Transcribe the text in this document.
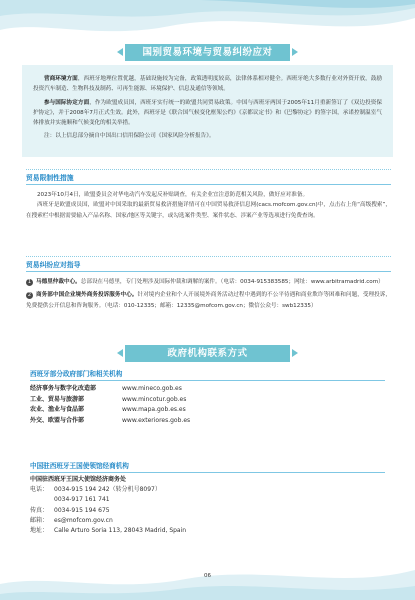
国别贸易环境与贸易纠纷应对

营商环境方面，西班牙地理位置优越，基础设施较为完备，政策透明度较高，法律体系相对健全。西班牙绝大多数行业对外资开放，鼓励投资汽车制造、生物科技及制药、可再生能源、环境保护、信息及通信等领域。

参与国际协定方面，作为欧盟成员国，西班牙实行统一的欧盟共同贸易政策。中国与西班牙两国于2005年11月重新签订了《双边投资保护协定》，并于2008年7月正式生效。此外，西班牙是《联合国气候变化框架公约》《京都议定书》和《巴黎协定》的签字国，承诺控制温室气体排放并实施顺和气候变化的相关举措。

注：以上信息部分摘自中国出口信用保险公司《国家风险分析报告》。

贸易限制性措施

2023年10月4日，欧盟委员会对华电动汽车发起反补贴调查，有关企业宜注意防范相关风险，做好应对准备。

西班牙是欧盟成员国，欧盟对中国采取的最新贸易救济措施详情可在中国贸易救济信息网(cacs.mofcom.gov.cn)中，点击右上角“高级搜索”，在搜索栏中根据需要输入产品名称、国家/地区等关键字，或勾选案件类型、案件状态、涉案产业等选项进行免费查询。

贸易纠纷应对指导

1 马德里仲裁中心。总部设在马德里，专门处理涉及国际仲裁和调解的案件。（电话：0034-915383585；网址：www.arbitramadrid.com）

2 商务部中国企业境外商务投诉服务中心。针对境内企业和个人开展境外商务活动过程中遇到的不公平待遇和商业欺诈等困难和问题，受理投诉，免费提供公开信息和咨询服务。（电话：010-12335；邮箱：12335@mofcom.gov.cn；微信公众号：swb12335）

政府机构联系方式
西班牙部分政府部门和相关机构
经济事务与数字化改造部	www.mineco.gob.es
工业、贸易与旅游部	www.mincotur.gob.es
农业、渔业与食品部	www.mapa.gob.es.es
外交、欧盟与合作部	www.exteriores.gob.es
中国驻西班牙王国使领馆经商机构
中国驻西班牙王国大使馆经济商务处
电话： 0034-915 194 242（转分机号8097）
0034-917 161 741
传真： 0034-915 194 675
邮箱： es@mofcom.gov.cn
地址： Calle Arturo Soria 113, 28043 Madrid, Spain
06
